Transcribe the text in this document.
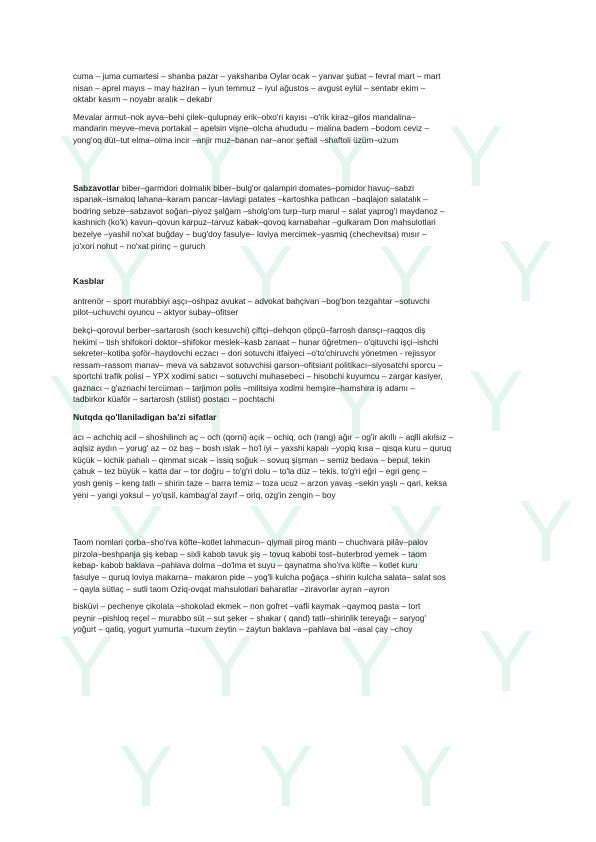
cuma – juma cumartesi – shanba pazar – yakshanba Oylar ocak – yanvar şubat – fevral mart – mart

nisan – aprel mayıs – may haziran – iyun temmuz – iyul ağustos – avgust eylül – sentabr ekim –

oktabr kasım – noyabr aralık – dekabr

Mevalar armut–nok ayva–behi çilek–qulupnay erik–olxo'ri kayısı –o'rik kiraz–gilos mandalina–

mandarin meyve–meva portakal – apelsin vişne–olcha ahududu – malina badem –bodom ceviz –

yong'oq düt–tut elma–olma incir –anjir muz–banan nar–anor şeftali –shaftoli üzüm–uzum

Sabzavotlar biber–garmdori dolmalık biber–bulg'or qalampiri domates–pomidor havuç–sabzi

ıspanak–ismaloq lahana–karam pancar–lavlagi patates –kartoshka patlıcan –baqlajon salatalık –

bodring sebze–sabzavot soğan–piyoz şalğam –sholg'om turp–turp marul – salat yaprog'i maydanoz –

kashnich (ko'k) kavun–qovun karpuz–tarvuz kabak–qovoq karnabahar –gulkaram Don mahsulotlari

bezelye –yashil no'xat buğday – bug'doy fasulye– loviya mercimek–yasmiq (chechevitsa) mısır –

jo'xori nohut – no'xat pirinç – guruch

Kasblar

antrenör – sport murabbiyi aşçı–oshpaz avukat – advokat bahçivan –bog'bon tezgahtar –sotuvchi

pilot–uchuvchi oyuncu – aktyor subay–ofitser

bekçi–qorovul berber–sartarosh (soch kesuvchi) çiftçi–dehqon çöpçü–farrosh dansçı–raqqos diş

hekimi – tish shifokori doktor–shifokor meslek–kasb zanaat – hunar öğretmen– o'qituvchi işçi–ishchi

sekreter–kotiba şoför–haydovchi eczacı – dori sotuvchi itfaiyeci –o'to'chiruvchi yönetmen - rejissyor

ressam–rassom manav– meva va sabzavot sotuvchisi garson–ofitsiant politikacı–siyosatchi sporcu –

sportchi trafik polisi – YPX xodimi satıcı – sotuvchi muhasebeci – hisobchi kuyumcu – zargar kasiyer,

gaznacı – g'aznachi tercüman – tarjimon polis –militsiya xodimi hemşire–hamshira iş adamı –

tadbirkor küaför – sartarosh (stilist) postacı – pochtachi

Nutqda qo'llaniladigan ba'zi sifatlar

acı – achchiq acil – shoshilinch aç – och (qorni) açık – ochiq, och (rang) ağır – og'ir akıllı – aqlli akılsız –

aqlsiz aydın – yorug' az – oz baş – bosh ıslak – ho'l iyi – yaxshi kapalı –yopiq kısa – qisqa kuru – quruq

küçük – kichik pahalı – qimmat sıcak – issiq soğuk – sovuq şişman – semiz bedava – bepul, tekin

çabuk – tez büyük – katta dar – tor doğru – to'g'ri dolu – to'la düz – tekis, to'g'ri eğri – egri genç –

yosh geniş – keng tatlı – shirin taze – barra temiz – toza ucuz – arzon yavaş –sekin yaşlı – qari, keksa

yeni – yangi yoksul – yo'qsil, kambag'al zayıf – oriq, ozg'in zengin – boy

Taom nomlari çorba–sho'rva köfte–kotlet lahmacun– qiymali pirog mantı – chuchvara pilâv–palov

pirzola–beshpanja şiş kebap – sixli kabob tavuk şiş – tovuq kabobi tost–buterbrod yemek – taom

kebap- kabob baklava –pahlava dolma –do'lma et suyu – qaynatma sho'rva köfte – kotlet kuru

fasulye – quruq loviya makarna– makaron pide – yog'li kulcha poğaça –shirin kulcha salata– salat sos

– qayla sütlaç – sutli taom Oziq-ovqat mahsulotlari baharatlar –ziravorlar ayran –ayron

bisküvi – pechenye çikolata –shokolad ekmek – non gofret –vafli kaymak –qaymoq pasta – tort

peynir –pishloq reçel – murabbo süt – sut şeker – shakar ( qand) tatlı–shirinlik tereyağı – saryog'

yoğurt – qatiq, yogurt yumurta –tuxum zeytin – zaytun baklava –pahlava bal –asal çay –choy
